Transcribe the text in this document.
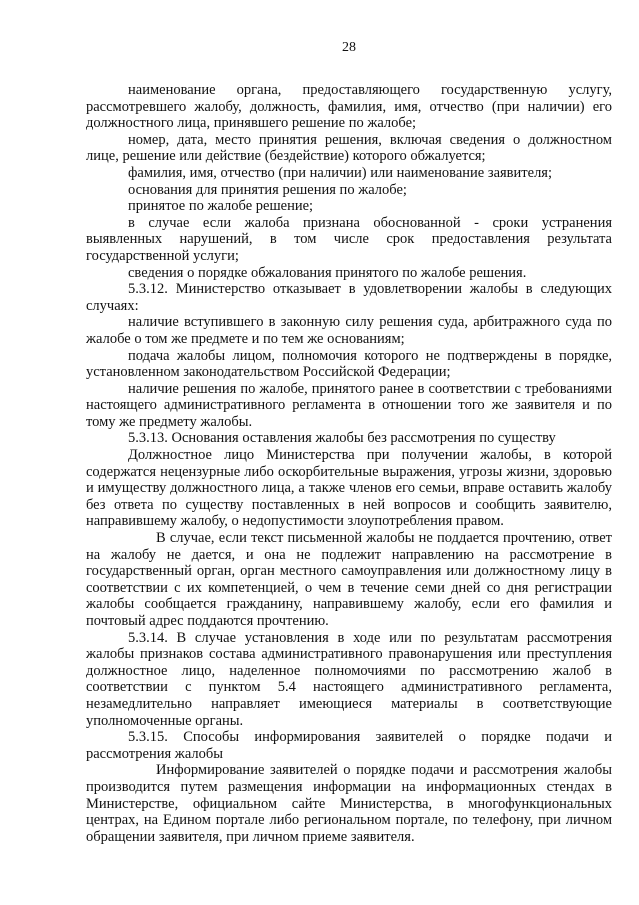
28

наименование органа, предоставляющего государственную услугу, рассмотревшего жалобу, должность, фамилия, имя, отчество (при наличии) его должностного лица, принявшего решение по жалобе;

номер, дата, место принятия решения, включая сведения о должностном лице, решение или действие (бездействие) которого обжалуется;

фамилия, имя, отчество (при наличии) или наименование заявителя;

основания для принятия решения по жалобе;

принятое по жалобе решение;

в случае если жалоба признана обоснованной - сроки устранения выявленных нарушений, в том числе срок предоставления результата государственной услуги;

сведения о порядке обжалования принятого по жалобе решения.

5.3.12. Министерство отказывает в удовлетворении жалобы в следующих случаях:

наличие вступившего в законную силу решения суда, арбитражного суда по жалобе о том же предмете и по тем же основаниям;

подача жалобы лицом, полномочия которого не подтверждены в порядке, установленном законодательством Российской Федерации;

наличие решения по жалобе, принятого ранее в соответствии с требованиями настоящего административного регламента в отношении того же заявителя и по тому же предмету жалобы.

5.3.13. Основания оставления жалобы без рассмотрения по существу

Должностное лицо Министерства при получении жалобы, в которой содержатся нецензурные либо оскорбительные выражения, угрозы жизни, здоровью и имуществу должностного лица, а также членов его семьи, вправе оставить жалобу без ответа по существу поставленных в ней вопросов и сообщить заявителю, направившему жалобу, о недопустимости злоупотребления правом.

В случае, если текст письменной жалобы не поддается прочтению, ответ на жалобу не дается, и она не подлежит направлению на рассмотрение в государственный орган, орган местного самоуправления или должностному лицу в соответствии с их компетенцией, о чем в течение семи дней со дня регистрации жалобы сообщается гражданину, направившему жалобу, если его фамилия и почтовый адрес поддаются прочтению.

5.3.14. В случае установления в ходе или по результатам рассмотрения жалобы признаков состава административного правонарушения или преступления должностное лицо, наделенное полномочиями по рассмотрению жалоб в соответствии с пунктом 5.4 настоящего административного регламента, незамедлительно направляет имеющиеся материалы в соответствующие уполномоченные органы.

5.3.15. Способы информирования заявителей о порядке подачи и рассмотрения жалобы

Информирование заявителей о порядке подачи и рассмотрения жалобы производится путем размещения информации на информационных стендах в Министерстве, официальном сайте Министерства, в многофункциональных центрах, на Едином портале либо региональном портале, по телефону, при личном обращении заявителя, при личном приеме заявителя.
